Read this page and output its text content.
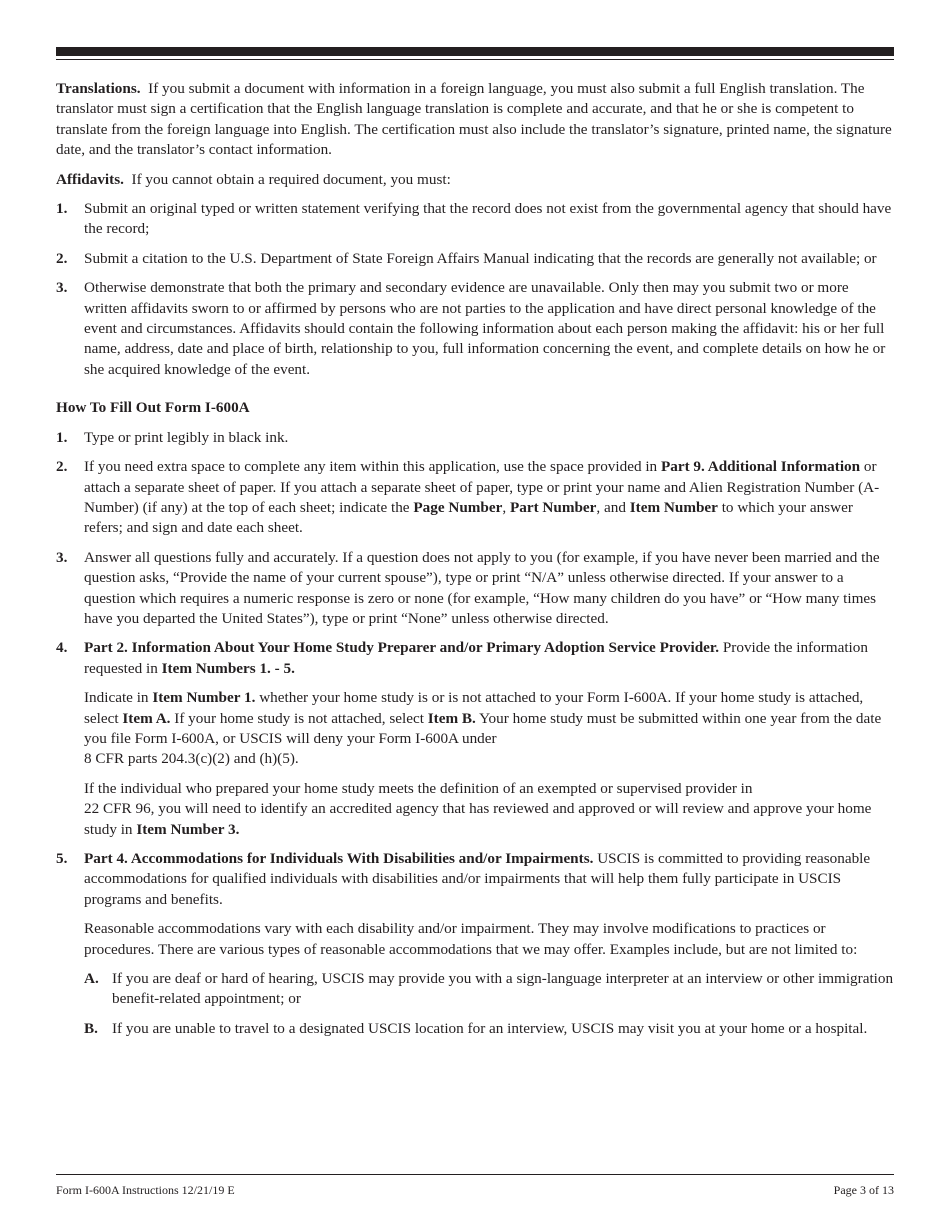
Translations. If you submit a document with information in a foreign language, you must also submit a full English translation. The translator must sign a certification that the English language translation is complete and accurate, and that he or she is competent to translate from the foreign language into English. The certification must also include the translator’s signature, printed name, the signature date, and the translator’s contact information.

Affidavits. If you cannot obtain a required document, you must:

1. Submit an original typed or written statement verifying that the record does not exist from the governmental agency that should have the record;
2. Submit a citation to the U.S. Department of State Foreign Affairs Manual indicating that the records are generally not available; or
3. Otherwise demonstrate that both the primary and secondary evidence are unavailable. Only then may you submit two or more written affidavits sworn to or affirmed by persons who are not parties to the application and have direct personal knowledge of the event and circumstances. Affidavits should contain the following information about each person making the affidavit: his or her full name, address, date and place of birth, relationship to you, full information concerning the event, and complete details on how he or she acquired knowledge of the event.

How To Fill Out Form I-600A

1. Type or print legibly in black ink.
2. If you need extra space to complete any item within this application, use the space provided in Part 9. Additional Information or attach a separate sheet of paper. If you attach a separate sheet of paper, type or print your name and Alien Registration Number (A-Number) (if any) at the top of each sheet; indicate the Page Number, Part Number, and Item Number to which your answer refers; and sign and date each sheet.
3. Answer all questions fully and accurately. If a question does not apply to you (for example, if you have never been married and the question asks, “Provide the name of your current spouse”), type or print “N/A” unless otherwise directed. If your answer to a question which requires a numeric response is zero or none (for example, “How many children do you have” or “How many times have you departed the United States”), type or print “None” unless otherwise directed.
4. Part 2. Information About Your Home Study Preparer and/or Primary Adoption Service Provider. Provide the information requested in Item Numbers 1. - 5.

Indicate in Item Number 1. whether your home study is or is not attached to your Form I-600A. If your home study is attached, select Item A. If your home study is not attached, select Item B. Your home study must be submitted within one year from the date you file Form I-600A, or USCIS will deny your Form I-600A under
8 CFR parts 204.3(c)(2) and (h)(5).

If the individual who prepared your home study meets the definition of an exempted or supervised provider in
22 CFR 96, you will need to identify an accredited agency that has reviewed and approved or will review and approve your home study in Item Number 3.

5. Part 4. Accommodations for Individuals With Disabilities and/or Impairments. USCIS is committed to providing reasonable accommodations for qualified individuals with disabilities and/or impairments that will help them fully participate in USCIS programs and benefits.

Reasonable accommodations vary with each disability and/or impairment. They may involve modifications to practices or procedures. There are various types of reasonable accommodations that we may offer. Examples include, but are not limited to:

A. If you are deaf or hard of hearing, USCIS may provide you with a sign-language interpreter at an interview or other immigration benefit-related appointment; or
B. If you are unable to travel to a designated USCIS location for an interview, USCIS may visit you at your home or a hospital.
Form I-600A Instructions 12/21/19 E	Page 3 of 13
